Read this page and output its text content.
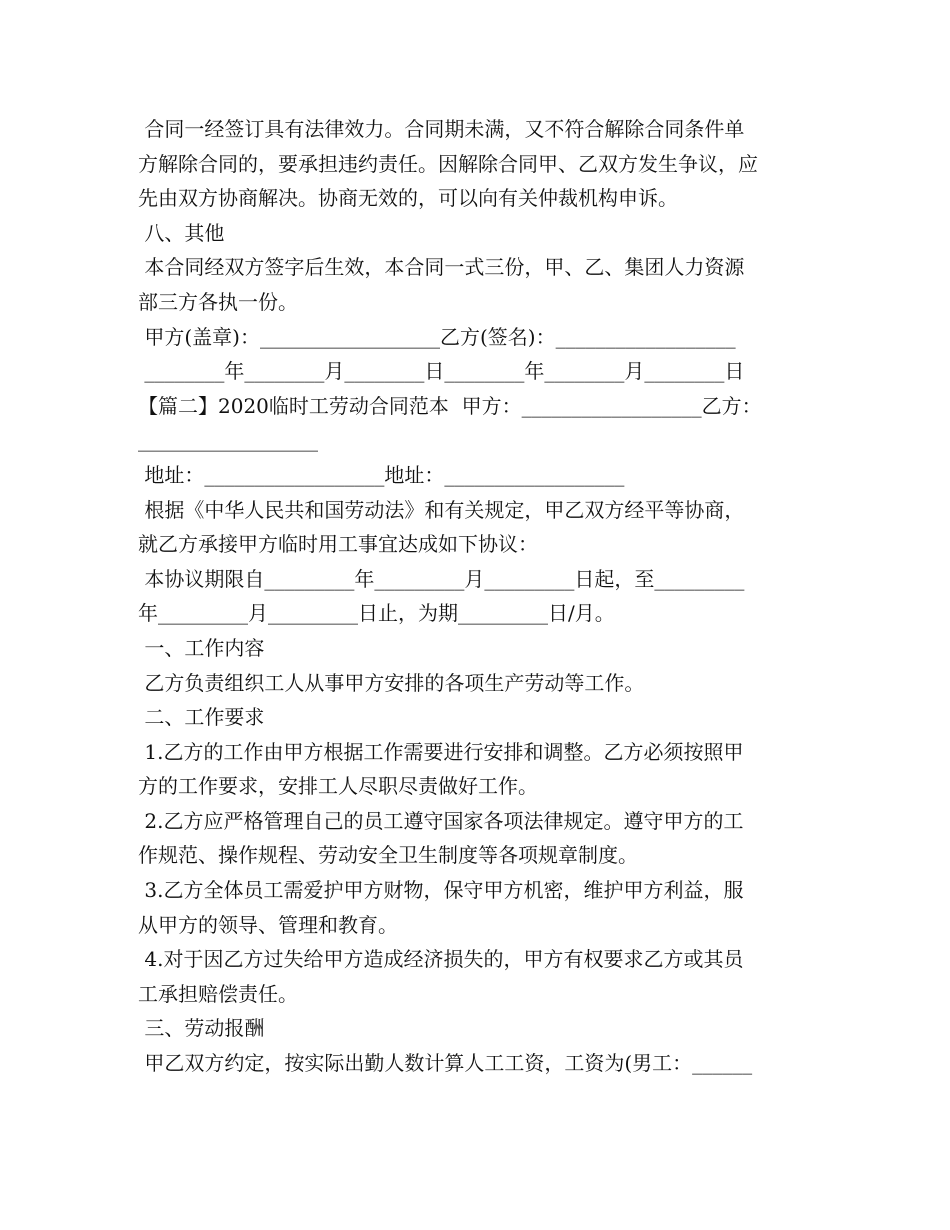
合同一经签订具有法律效力。合同期未满，又不符合解除合同条件单
方解除合同的，要承担违约责任。因解除合同甲、乙双方发生争议，应
先由双方协商解决。协商无效的，可以向有关仲裁机构申诉。
八、其他
本合同经双方签字后生效，本合同一式三份，甲、乙、集团人力资源
部三方各执一份。
甲方(盖章)：__________________乙方(签名)：__________________
________年________月________日________年________月________日
【篇二】2020临时工劳动合同范本  甲方：__________________乙方：
__________________
地址：__________________地址：__________________
根据《中华人民共和国劳动法》和有关规定，甲乙双方经平等协商，
就乙方承接甲方临时用工事宜达成如下协议：
本协议期限自_________年_________月_________日起，至_________
年_________月_________日止，为期_________日/月。
一、工作内容
乙方负责组织工人从事甲方安排的各项生产劳动等工作。
二、工作要求
1.乙方的工作由甲方根据工作需要进行安排和调整。乙方必须按照甲
方的工作要求，安排工人尽职尽责做好工作。
2.乙方应严格管理自己的员工遵守国家各项法律规定。遵守甲方的工
作规范、操作规程、劳动安全卫生制度等各项规章制度。
3.乙方全体员工需爱护甲方财物，保守甲方机密，维护甲方利益，服
从甲方的领导、管理和教育。
4.对于因乙方过失给甲方造成经济损失的，甲方有权要求乙方或其员
工承担赔偿责任。
三、劳动报酬
甲乙双方约定，按实际出勤人数计算人工工资，工资为(男工：______
